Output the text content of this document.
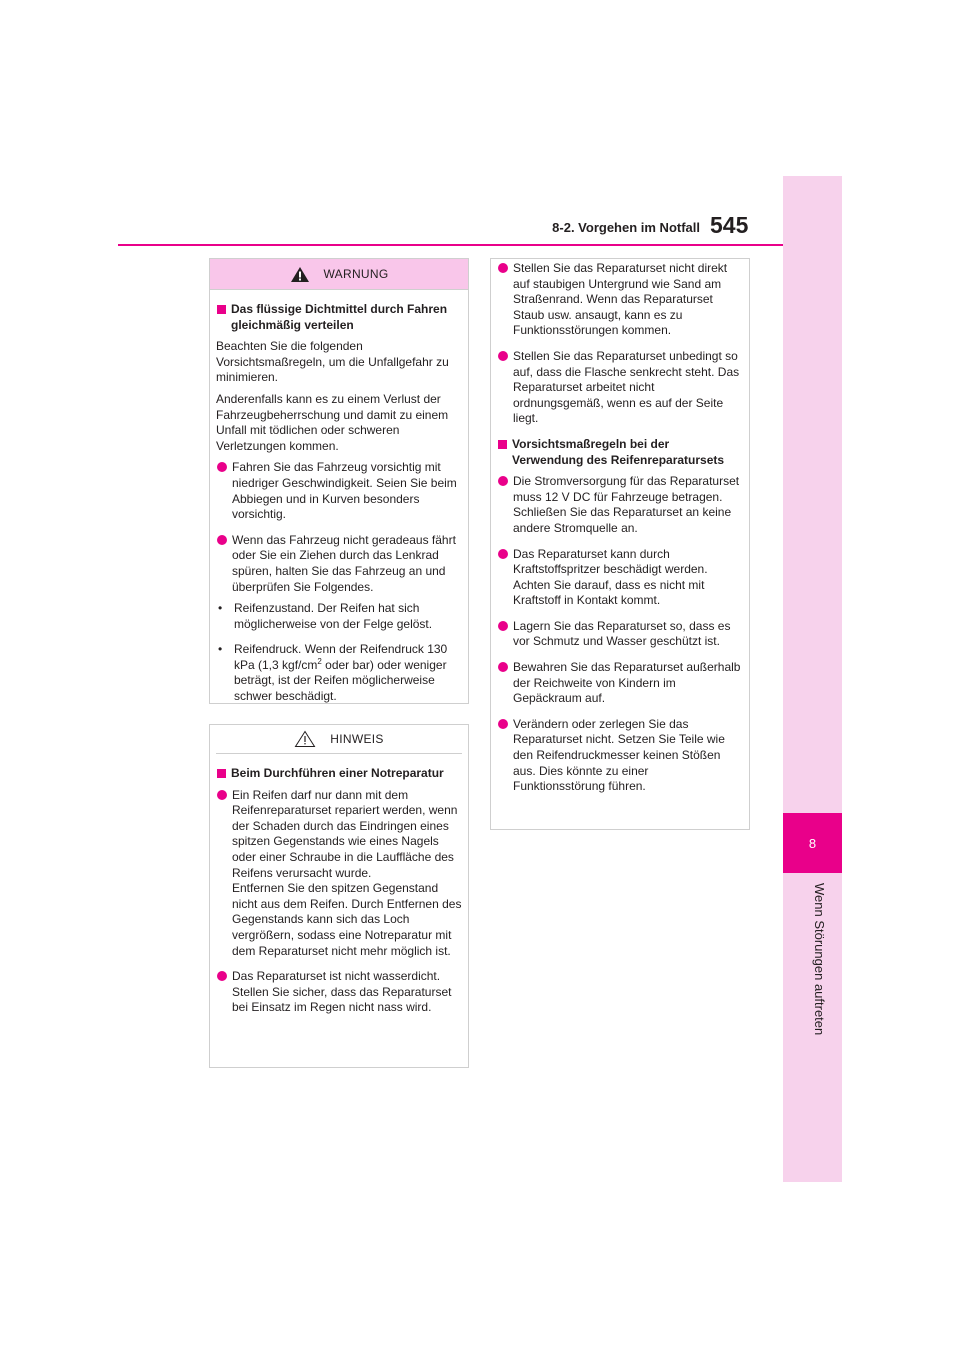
8
Wenn Störungen auftreten
8-2. Vorgehen im Notfall 545
WARNUNG
Das flüssige Dichtmittel durch Fahren gleichmäßig verteilen
Beachten Sie die folgenden Vorsichtsmaßregeln, um die Unfallgefahr zu minimieren.
Anderenfalls kann es zu einem Verlust der Fahrzeugbeherrschung und damit zu einem Unfall mit tödlichen oder schweren Verletzungen kommen.
Fahren Sie das Fahrzeug vorsichtig mit niedriger Geschwindigkeit. Seien Sie beim Abbiegen und in Kurven besonders vorsichtig.
Wenn das Fahrzeug nicht geradeaus fährt oder Sie ein Ziehen durch das Lenkrad spüren, halten Sie das Fahrzeug an und überprüfen Sie Folgendes.
• Reifenzustand. Der Reifen hat sich möglicherweise von der Felge gelöst.
• Reifendruck. Wenn der Reifendruck 130 kPa (1,3 kgf/$cm^2$ oder bar) oder weniger beträgt, ist der Reifen möglicherweise schwer beschädigt.
HINWEIS
Beim Durchführen einer Notreparatur
Ein Reifen darf nur dann mit dem Reifenreparaturset repariert werden, wenn der Schaden durch das Eindringen eines spitzen Gegenstands wie eines Nagels oder einer Schraube in die Lauffläche des Reifens verursacht wurde.
Entfernen Sie den spitzen Gegenstand nicht aus dem Reifen. Durch Entfernen des Gegenstands kann sich das Loch vergrößern, sodass eine Notreparatur mit dem Reparaturset nicht mehr möglich ist.
Das Reparaturset ist nicht wasserdicht. Stellen Sie sicher, dass das Reparaturset bei Einsatz im Regen nicht nass wird.
Stellen Sie das Reparaturset nicht direkt auf staubigen Untergrund wie Sand am Straßenrand. Wenn das Reparaturset Staub usw. ansaugt, kann es zu Funktionsstörungen kommen.
Stellen Sie das Reparaturset unbedingt so auf, dass die Flasche senkrecht steht. Das Reparaturset arbeitet nicht ordnungsgemäß, wenn es auf der Seite liegt.
Vorsichtsmaßregeln bei der Verwendung des Reifenreparatursets
Die Stromversorgung für das Reparaturset muss 12 V DC für Fahrzeuge betragen. Schließen Sie das Reparaturset an keine andere Stromquelle an.
Das Reparaturset kann durch Kraftstoffspritzer beschädigt werden. Achten Sie darauf, dass es nicht mit Kraftstoff in Kontakt kommt.
Lagern Sie das Reparaturset so, dass es vor Schmutz und Wasser geschützt ist.
Bewahren Sie das Reparaturset außerhalb der Reichweite von Kindern im Gepäckraum auf.
Verändern oder zerlegen Sie das Reparaturset nicht. Setzen Sie Teile wie den Reifendruckmesser keinen Stößen aus. Dies könnte zu einer Funktionsstörung führen.
